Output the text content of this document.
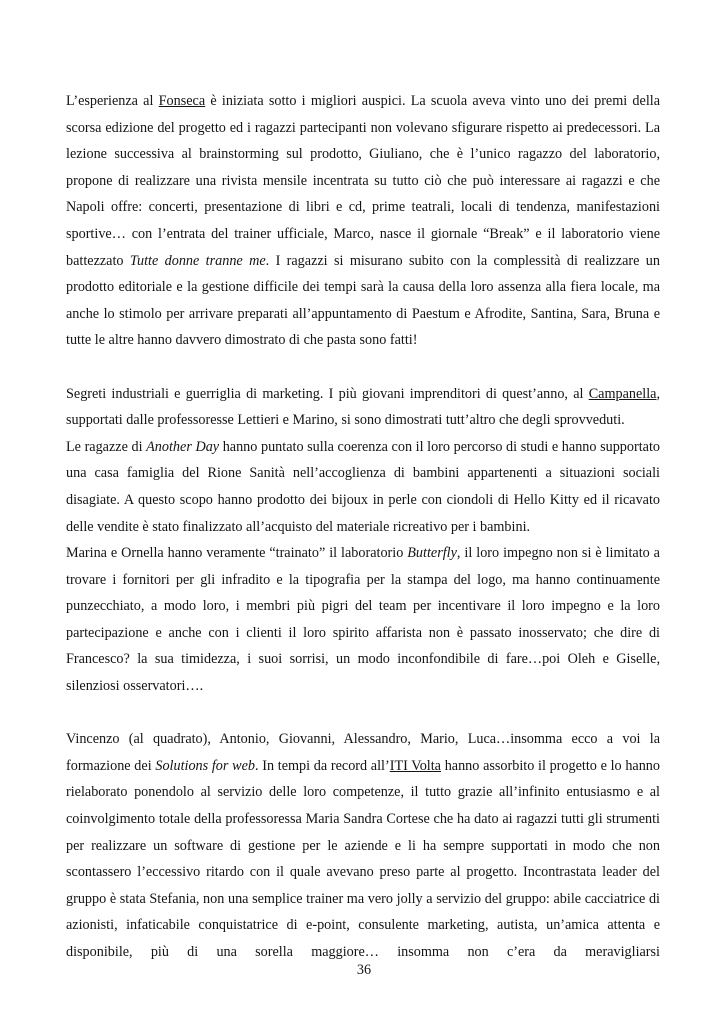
L’esperienza al Fonseca è iniziata sotto i migliori auspici. La scuola aveva vinto uno dei premi della scorsa edizione del progetto ed i ragazzi partecipanti non volevano sfigurare rispetto ai predecessori. La lezione successiva al brainstorming sul prodotto, Giuliano, che è l’unico ragazzo del laboratorio, propone di realizzare una rivista mensile incentrata su tutto ciò che può interessare ai ragazzi e che Napoli offre: concerti, presentazione di libri e cd, prime teatrali, locali di tendenza, manifestazioni sportive… con l’entrata del trainer ufficiale, Marco, nasce il giornale “Break” e il laboratorio viene battezzato Tutte donne tranne me. I ragazzi si misurano subito con la complessità di realizzare un prodotto editoriale e la gestione difficile dei tempi sarà la causa della loro assenza alla fiera locale, ma anche lo stimolo per arrivare preparati all’appuntamento di Paestum e Afrodite, Santina, Sara, Bruna e tutte le altre hanno davvero dimostrato di che pasta sono fatti!

Segreti industriali e guerriglia di marketing. I più giovani imprenditori di quest’anno, al Campanella, supportati dalle professoresse Lettieri e Marino, si sono dimostrati tutt’altro che degli sprovveduti.

Le ragazze di Another Day hanno puntato sulla coerenza con il loro percorso di studi e hanno supportato una casa famiglia del Rione Sanità nell’accoglienza di bambini appartenenti a situazioni sociali disagiate. A questo scopo hanno prodotto dei bijoux in perle con ciondoli di Hello Kitty ed il ricavato delle vendite è stato finalizzato all’acquisto del materiale ricreativo per i bambini.

Marina e Ornella hanno veramente “trainato” il laboratorio Butterfly, il loro impegno non si è limitato a trovare i fornitori per gli infradito e la tipografia per la stampa del logo, ma hanno continuamente punzecchiato, a modo loro, i membri più pigri del team per incentivare il loro impegno e la loro partecipazione e anche con i clienti il loro spirito affarista non è passato inosservato; che dire di Francesco? la sua timidezza, i suoi sorrisi, un modo inconfondibile di fare…poi Oleh e Giselle, silenziosi osservatori….

Vincenzo (al quadrato), Antonio, Giovanni, Alessandro, Mario, Luca…insomma ecco a voi la formazione dei Solutions for web. In tempi da record all’ITI Volta hanno assorbito il progetto e lo hanno rielaborato ponendolo al servizio delle loro competenze, il tutto grazie all’infinito entusiasmo e al coinvolgimento totale della professoressa Maria Sandra Cortese che ha dato ai ragazzi tutti gli strumenti per realizzare un software di gestione per le aziende e li ha sempre supportati in modo che non scontassero l’eccessivo ritardo con il quale avevano preso parte al progetto. Incontrastata leader del gruppo è stata Stefania, non una semplice trainer ma vero jolly a servizio del gruppo: abile cacciatrice di azionisti, infaticabile conquistatrice di e-point, consulente marketing, autista, un’amica attenta e disponibile, più di una sorella maggiore… insomma non c’era da meravigliarsi

36
